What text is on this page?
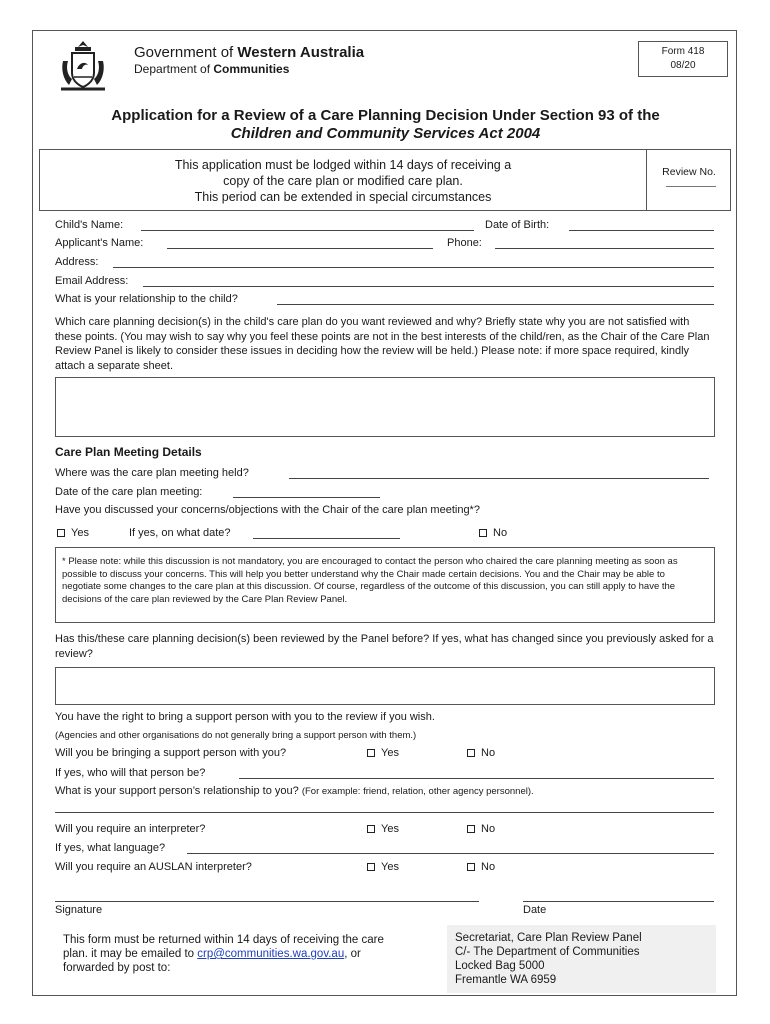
Government of Western Australia
Department of Communities
Form 418
08/20
Application for a Review of a Care Planning Decision Under Section 93 of the
Children and Community Services Act 2004
This application must be lodged within 14 days of receiving a
copy of the care plan or modified care plan.
This period can be extended in special circumstances
Review No.
Child's Name:	Date of Birth:
Applicant's Name:	Phone:
Address:
Email Address:
What is your relationship to the child?
Which care planning decision(s) in the child's care plan do you want reviewed and why? Briefly state why you are not satisfied with these points. (You may wish to say why you feel these points are not in the best interests of the child/ren, as the Chair of the Care Plan Review Panel is likely to consider these issues in deciding how the review will be held.) Please note: if more space required, kindly attach a separate sheet.
Care Plan Meeting Details
Where was the care plan meeting held?
Date of the care plan meeting:
Have you discussed your concerns/objections with the Chair of the care plan meeting*?
Yes	If yes, on what date?	No
* Please note: while this discussion is not mandatory, you are encouraged to contact the person who chaired the care planning meeting as soon as possible to discuss your concerns. This will help you better understand why the Chair made certain decisions. You and the Chair may be able to negotiate some changes to the care plan at this discussion. Of course, regardless of the outcome of this discussion, you can still apply to have the decisions of the care plan reviewed by the Care Plan Review Panel.
Has this/these care planning decision(s) been reviewed by the Panel before? If yes, what has changed since you previously asked for a review?
You have the right to bring a support person with you to the review if you wish.
(Agencies and other organisations do not generally bring a support person with them.)
Will you be bringing a support person with you?	Yes	No
If yes, who will that person be?
What is your support person’s relationship to you? (For example: friend, relation, other agency personnel).
Will you require an interpreter?	Yes	No
If yes, what language?
Will you require an AUSLAN interpreter?	Yes	No
Signature	Date
This form must be returned within 14 days of receiving the care
plan. it may be emailed to crp@communities.wa.gov.au, or
forwarded by post to:
Secretariat, Care Plan Review Panel
C/- The Department of Communities
Locked Bag 5000
Fremantle WA 6959
